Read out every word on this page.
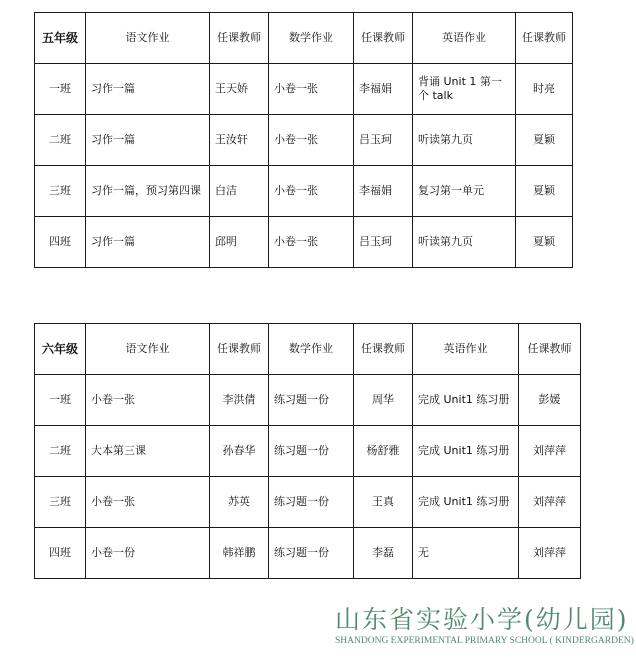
五年级	语文作业	任课教师	数学作业	任课教师	英语作业	任课教师
一班	习作一篇	王天娇	小卷一张	李福娟	背诵 Unit 1 第一个 talk	时亮
二班	习作一篇	王汝轩	小卷一张	吕玉珂	听读第九页	夏颖
三班	习作一篇，预习第四课	白洁	小卷一张	李福娟	复习第一单元	夏颖
四班	习作一篇	邱明	小卷一张	吕玉珂	听读第九页	夏颖
六年级	语文作业	任课教师	数学作业	任课教师	英语作业	任课教师
一班	小卷一张	李洪倩	练习题一份	周华	完成 Unit1 练习册	彭媛
二班	大本第三课	孙春华	练习题一份	杨舒雅	完成 Unit1 练习册	刘萍萍
三班	小卷一张	苏英	练习题一份	王真	完成 Unit1 练习册	刘萍萍
四班	小卷一份	韩祥鹏	练习题一份	李磊	无	刘萍萍
山东省实验小学(幼儿园)
SHANDONG EXPERIMENTAL PRIMARY SCHOOL ( KINDERGARDEN)
